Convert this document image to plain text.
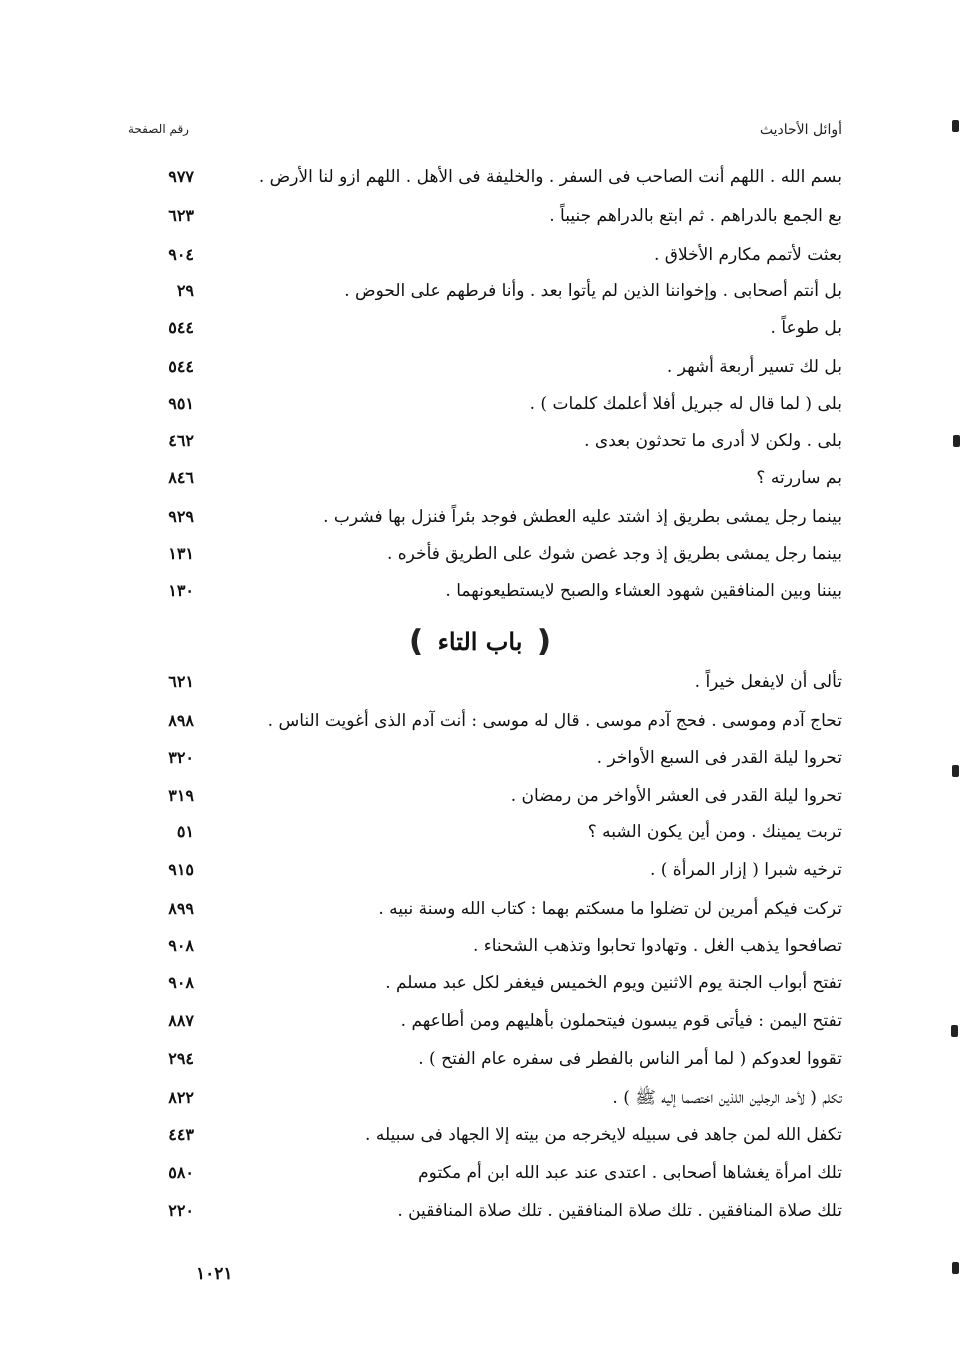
أوائل الأحاديث
رقم الصفحة
بسم الله . اللهم أنت الصاحب فى السفر . والخليفة فى الأهل . اللهم ازو لنا الأرض .
٩٧٧
بع الجمع بالدراهم . ثم ابتع بالدراهم جنيباً .
٦٢٣
بعثت لأتمم مكارم الأخلاق .
٩٠٤
بل أنتم أصحابى . وإخواننا الذين لم يأتوا بعد . وأنا فرطهم على الحوض .
٢٩
بل طوعاً .
٥٤٤
بل لك تسير أربعة أشهر .
٥٤٤
بلى ( لما قال له جبريل أفلا أعلمك كلمات ) .
٩٥١
بلى . ولكن لا أدرى ما تحدثون بعدى .
٤٦٢
بم ساررته ؟
٨٤٦
بينما رجل يمشى بطريق إذ اشتد عليه العطش فوجد بئراً فنزل بها فشرب .
٩٢٩
بينما رجل يمشى بطريق إذ وجد غصن شوك على الطريق فأخره .
١٣١
بيننا وبين المنافقين شهود العشاء والصبح لايستطيعونهما .
١٣٠
❪
باب التاء
❫
تألى أن لايفعل خيراً .
٦٢١
تحاج آدم وموسى . فحج آدم موسى . قال له موسى : أنت آدم الذى أغويت الناس .
٨٩٨
تحروا ليلة القدر فى السبع الأواخر .
٣٢٠
تحروا ليلة القدر فى العشر الأواخر من رمضان .
٣١٩
تربت يمينك . ومن أين يكون الشبه ؟
٥١
ترخيه شبرا ( إزار المرأة ) .
٩١٥
تركت فيكم أمرين لن تضلوا ما مسكتم بهما : كتاب الله وسنة نبيه .
٨٩٩
تصافحوا يذهب الغل . وتهادوا تحابوا وتذهب الشحناء .
٩٠٨
تفتح أبواب الجنة يوم الاثنين ويوم الخميس فيغفر لكل عبد مسلم .
٩٠٨
تفتح اليمن : فيأتى قوم يبسون فيتحملون بأهليهم ومن أطاعهم .
٨٨٧
تقووا لعدوكم ( لما أمر الناس بالفطر فى سفره عام الفتح ) .
٢٩٤
تكلم ( لأحد الرجلين اللذين اختصما إليه ﷺ ) .
٨٢٢
تكفل الله لمن جاهد فى سبيله لايخرجه من بيته إلا الجهاد فى سبيله .
٤٤٣
تلك امرأة يغشاها أصحابى . اعتدى عند عبد الله ابن أم مكتوم
٥٨٠
تلك صلاة المنافقين . تلك صلاة المنافقين . تلك صلاة المنافقين .
٢٢٠
١٠٢١
